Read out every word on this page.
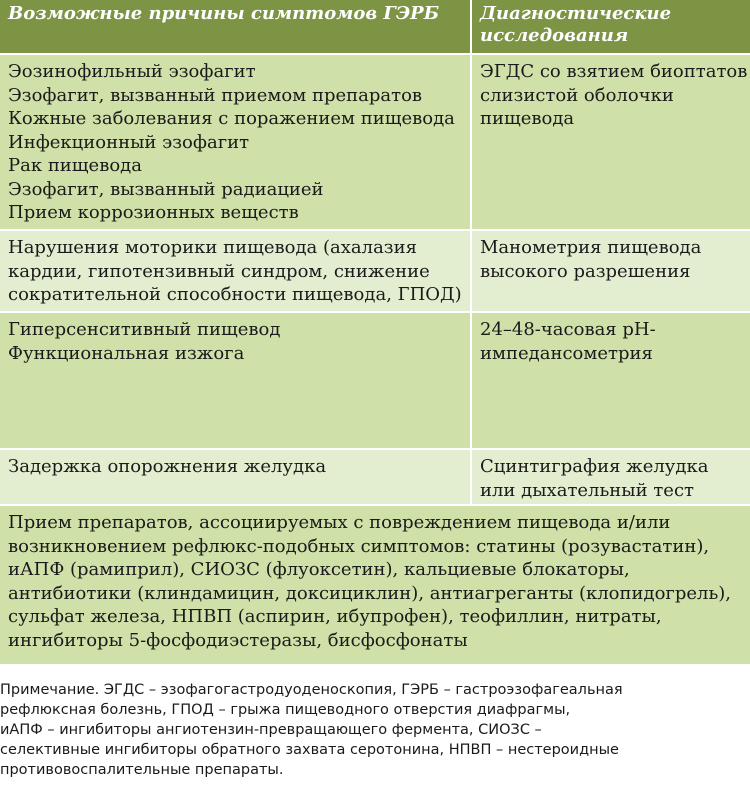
Возможные причины симптомов ГЭРБ	Диагностические исследования
Эозинофильный эзофагит
Эзофагит, вызванный приемом препаратов
Кожные заболевания с поражением пищевода
Инфекционный эзофагит
Рак пищевода
Эзофагит, вызванный радиацией
Прием коррозионных веществ
ЭГДС со взятием биоптатов
слизистой оболочки
пищевода
Нарушения моторики пищевода (ахалазия
кардии, гипотензивный синдром, снижение
сократительной способности пищевода, ГПОД)
Манометрия пищевода
высокого разрешения
Гиперсенситивный пищевод
Функциональная изжога
24–48-часовая pH-
импедансометрия
Задержка опорожнения желудка	Сцинтиграфия желудка
или дыхательный тест
Прием препаратов, ассоциируемых с повреждением пищевода и/или
возникновением рефлюкс-подобных симптомов: статины (розувастатин),
иАПФ (рамиприл), СИОЗС (флуоксетин), кальциевые блокаторы,
антибиотики (клиндамицин, доксициклин), антиагреганты (клопидогрель),
сульфат железа, НПВП (аспирин, ибупрофен), теофиллин, нитраты,
ингибиторы 5-фосфодиэстеразы, бисфосфонаты
Примечание. ЭГДС – эзофагогастродуоденоскопия, ГЭРБ – гастроэзофагеальная
рефлюксная болезнь, ГПОД – грыжа пищеводного отверстия диафрагмы,
иАПФ – ингибиторы ангиотензин-превращающего фермента, СИОЗС –
селективные ингибиторы обратного захвата серотонина, НПВП – нестероидные
противовоспалительные препараты.
